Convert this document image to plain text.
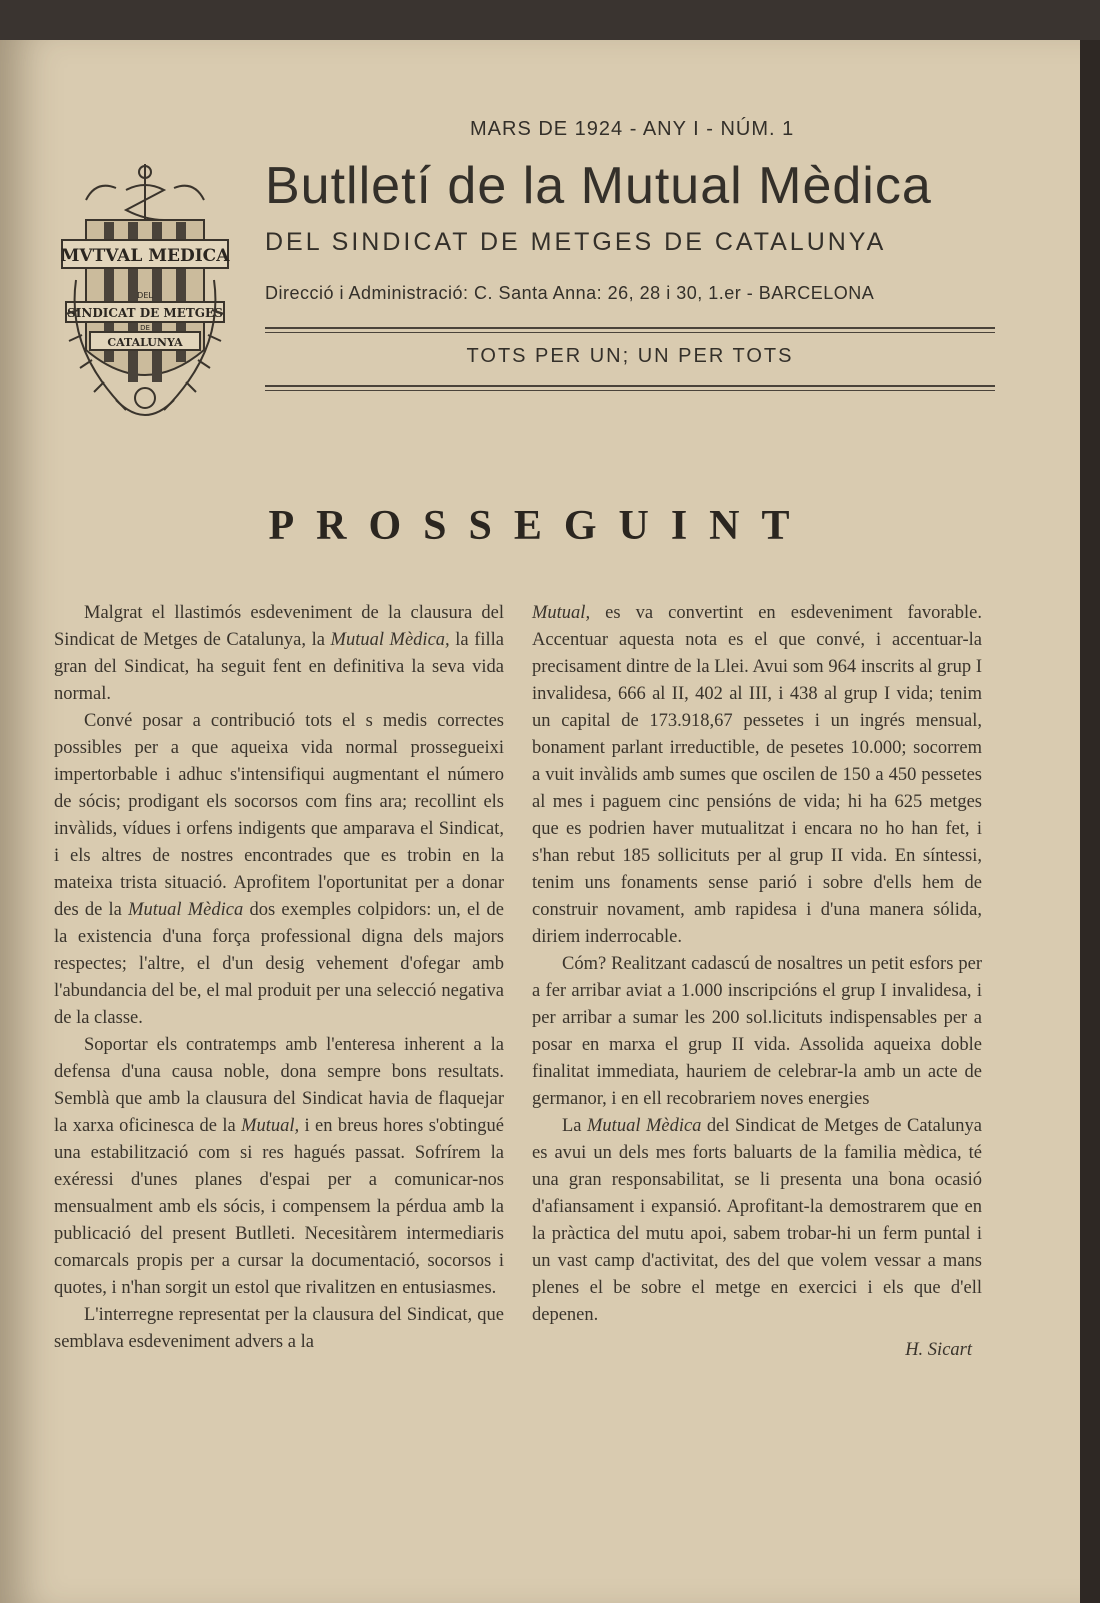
MVTVAL MEDICA
DEL
SINDICAT DE METGES
DE
CATALUNYA
MARS DE 1924 - ANY I - NÚM. 1
Butlletí de la Mutual Mèdica
DEL SINDICAT DE METGES DE CATALUNYA
Direcció i Administració: C. Santa Anna: 26, 28 i 30, 1.er - BARCELONA
TOTS PER UN; UN PER TOTS
PROSSEGUINT

Malgrat el llastimós esdeveniment de la clausura del Sindicat de Metges de Catalunya, la Mutual Mèdica, la filla gran del Sindicat, ha seguit fent en definitiva la seva vida normal.

Convé posar a contribució tots el s medis correctes possibles per a que aqueixa vida normal prossegueixi impertorbable i adhuc s'intensifiqui augmentant el número de sócis; prodigant els socorsos com fins ara; recollint els invàlids, vídues i orfens indigents que amparava el Sindicat, i els altres de nostres encontrades que es trobin en la mateixa trista situació. Aprofitem l'oportunitat per a donar des de la Mutual Mèdica dos exemples colpidors: un, el de la existencia d'una força professional digna dels majors respectes; l'altre, el d'un desig vehement d'ofegar amb l'abundancia del be, el mal produit per una selecció negativa de la classe.

Soportar els contratemps amb l'enteresa inherent a la defensa d'una causa noble, dona sempre bons resultats. Semblà que amb la clausura del Sindicat havia de flaquejar la xarxa oficinesca de la Mutual, i en breus hores s'obtingué una estabilització com si res hagués passat. Sofrírem la exéressi d'unes planes d'espai per a comunicar-nos mensualment amb els sócis, i compensem la pérdua amb la publicació del present Butlleti. Necesitàrem intermediaris comarcals propis per a cursar la documentació, socorsos i quotes, i n'han sorgit un estol que rivalitzen en entusiasmes.

L'interregne representat per la clausura del Sindicat, que semblava esdeveniment advers a la

Mutual, es va convertint en esdeveniment favorable. Accentuar aquesta nota es el que convé, i accentuar-la precisament dintre de la Llei. Avui som 964 inscrits al grup I invalidesa, 666 al II, 402 al III, i 438 al grup I vida; tenim un capital de 173.918,67 pessetes i un ingrés mensual, bonament parlant irreductible, de pesetes 10.000; socorrem a vuit invàlids amb sumes que oscilen de 150 a 450 pessetes al mes i paguem cinc pensións de vida; hi ha 625 metges que es podrien haver mutualitzat i encara no ho han fet, i s'han rebut 185 sollicituts per al grup II vida. En síntessi, tenim uns fonaments sense parió i sobre d'ells hem de construir novament, amb rapidesa i d'una manera sólida, diriem inderrocable.

Cóm? Realitzant cadascú de nosaltres un petit esfors per a fer arribar aviat a 1.000 inscripcións el grup I invalidesa, i per arribar a sumar les 200 sol.licituts indispensables per a posar en marxa el grup II vida. Assolida aqueixa doble finalitat immediata, hauriem de celebrar-la amb un acte de germanor, i en ell recobrariem noves energies

La Mutual Mèdica del Sindicat de Metges de Catalunya es avui un dels mes forts baluarts de la familia mèdica, té una gran responsabilitat, se li presenta una bona ocasió d'afiansament i expansió. Aprofitant-la demostrarem que en la pràctica del mutu apoi, sabem trobar-hi un ferm puntal i un vast camp d'activitat, des del que volem vessar a mans plenes el be sobre el metge en exercici i els que d'ell depenen.

H. Sicart
